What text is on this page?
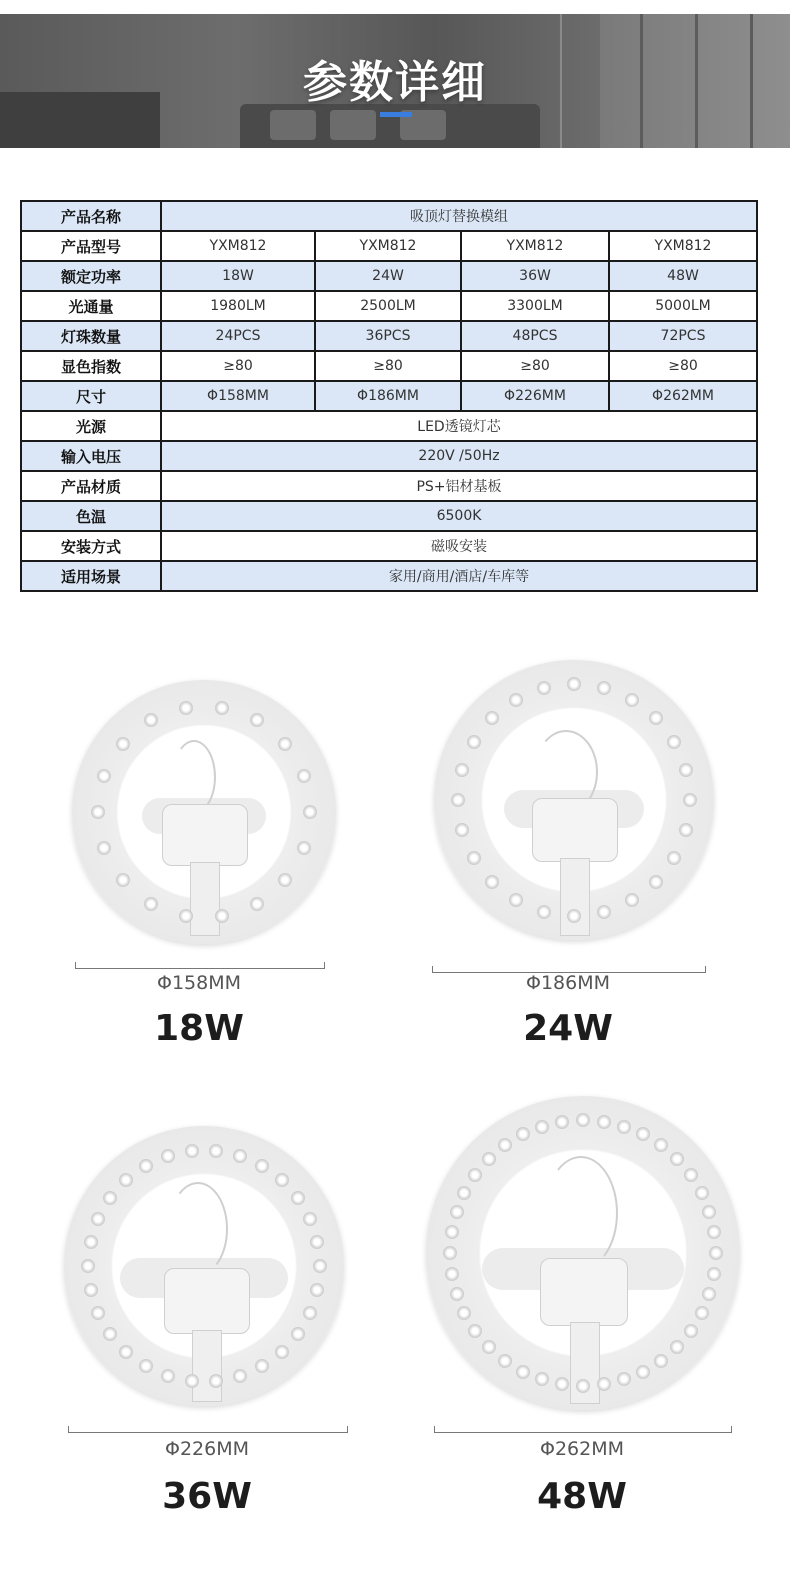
参数详细
产品名称	吸顶灯替换模组			
产品型号	YXM812	YXM812	YXM812	YXM812
额定功率	18W	24W	36W	48W
光通量	1980LM	2500LM	3300LM	5000LM
灯珠数量	24PCS	36PCS	48PCS	72PCS
显色指数	≥80	≥80	≥80	≥80
尺寸	Φ158MM	Φ186MM	Φ226MM	Φ262MM
光源	LED透镜灯芯			
输入电压	220V /50Hz			
产品材质	PS+铝材基板			
色温	6500K			
安装方式	磁吸安装			
适用场景	家用/商用/酒店/车库等			
Φ158MM
18W
Φ186MM
24W
Φ226MM
36W
Φ262MM
48W
